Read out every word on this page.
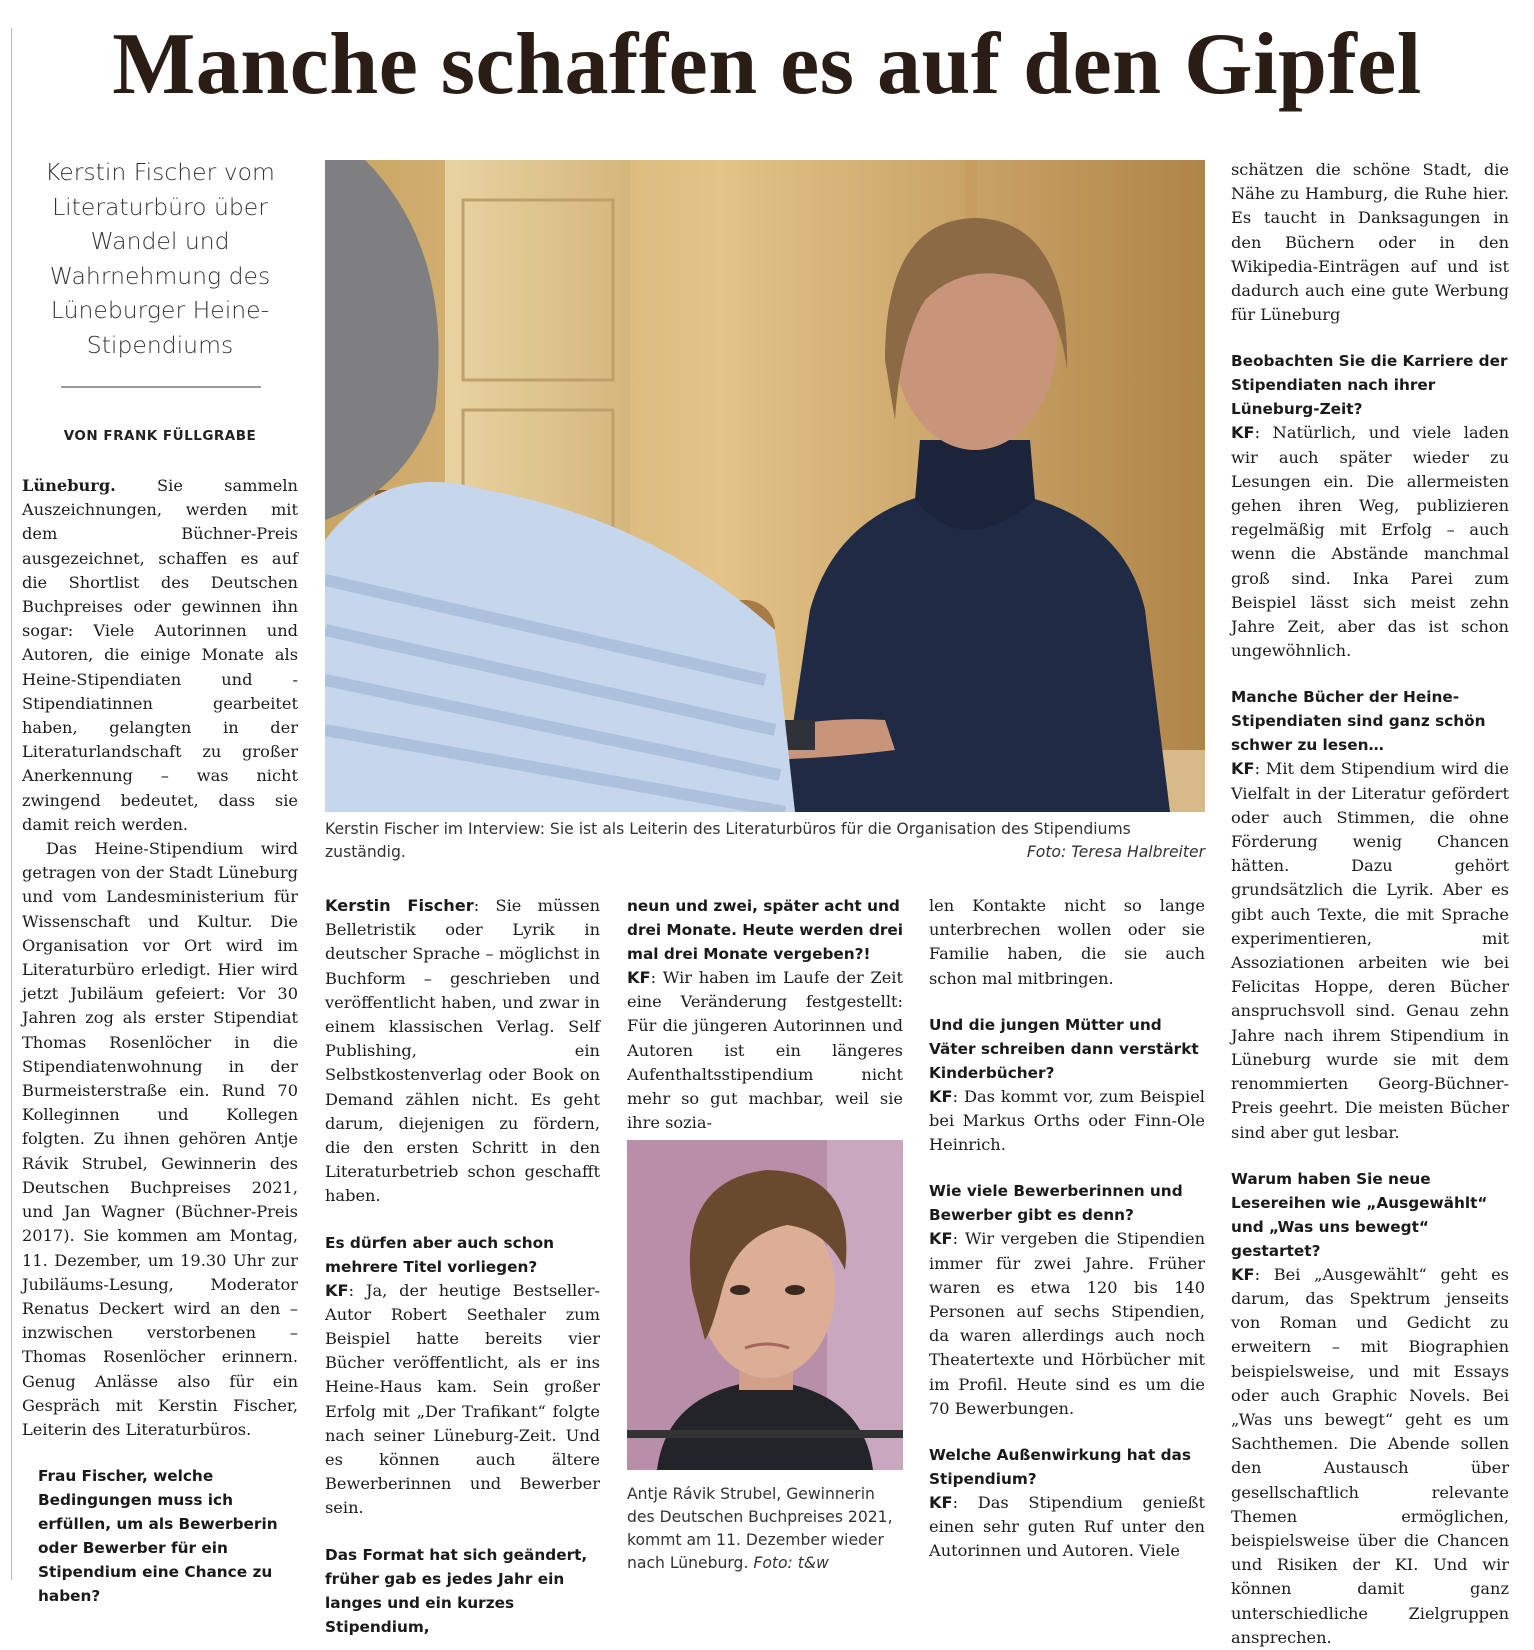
Manche schaffen es auf den Gipfel
Kerstin Fischer vom Literaturbüro über Wandel und Wahrnehmung des Lüneburger Heine-Stipendiums
VON FRANK FÜLLGRABE
Kerstin Fischer im Interview: Sie ist als Leiterin des Literaturbüros für die Organisation des Stipendiums zuständig.	Foto: Teresa Halbreiter

Lüneburg.	Sie sammeln Auszeichnungen, werden mit dem Büchner-Preis ausgezeichnet, schaffen es auf die Shortlist des Deutschen Buchpreises oder gewinnen ihn sogar: Viele Autorinnen und Autoren, die einige Monate als Heine-Stipendiaten und -Stipendiatinnen gearbeitet haben, gelangten in der Literaturlandschaft zu großer Anerkennung – was nicht zwingend bedeutet, dass sie damit reich werden.

Das Heine-Stipendium wird getragen von der Stadt Lüneburg und vom Landesministerium für Wissenschaft und Kultur. Die Organisation vor Ort wird im Literaturbüro erledigt. Hier wird jetzt Jubiläum gefeiert: Vor 30 Jahren zog als erster Stipendiat Thomas Rosenlöcher in die Stipendiatenwohnung in der Burmeisterstraße ein. Rund 70 Kolleginnen und Kollegen folgten. Zu ihnen gehören Antje Rávik Strubel, Gewinnerin des Deutschen Buchpreises 2021, und Jan Wagner (Büchner-Preis 2017). Sie kommen am Montag, 11. Dezember, um 19.30 Uhr zur Jubiläums-Lesung, Moderator Renatus Deckert wird an den – inzwischen verstorbenen – Thomas Rosenlöcher erinnern. Genug Anlässe also für ein Gespräch mit Kerstin Fischer, Leiterin des Literaturbüros.

Frau Fischer, welche Bedingungen muss ich erfüllen, um als Bewerberin oder Bewerber für ein Stipendium eine Chance zu haben?

Kerstin Fischer: Sie müssen Belletristik oder Lyrik in deutscher Sprache – möglichst in Buchform – geschrieben und veröffentlicht haben, und zwar in einem klassischen Verlag. Self Publishing, ein Selbstkostenverlag oder Book on Demand zählen nicht. Es geht darum, diejenigen zu fördern, die den ersten Schritt in den Literaturbetrieb schon geschafft haben.

Es dürfen aber auch schon mehrere Titel vorliegen?

KF: Ja, der heutige Bestseller-Autor Robert Seethaler zum Beispiel hatte bereits vier Bücher veröffentlicht, als er ins Heine-Haus kam. Sein großer Erfolg mit „Der Trafikant“ folgte nach seiner Lüneburg-Zeit. Und es können auch ältere Bewerberinnen und Bewerber sein.

Das Format hat sich geändert, früher gab es jedes Jahr ein langes und ein kurzes Stipendium,

neun und zwei, später acht und drei Monate. Heute werden drei mal drei Monate vergeben?!

KF: Wir haben im Laufe der Zeit eine Veränderung festgestellt: Für die jüngeren Autorinnen und Autoren ist ein längeres Aufenthaltsstipendium nicht mehr so gut machbar, weil sie ihre sozia-

Antje Rávik Strubel, Gewinnerin des Deutschen Buchpreises 2021, kommt am 11. Dezember wieder nach Lüneburg. Foto: t&w

len Kontakte nicht so lange unterbrechen wollen oder sie Familie haben, die sie auch schon mal mitbringen.

Und die jungen Mütter und Väter schreiben dann verstärkt Kinderbücher?

KF: Das kommt vor, zum Beispiel bei Markus Orths oder Finn-Ole Heinrich.

Wie viele Bewerberinnen und Bewerber gibt es denn?

KF: Wir vergeben die Stipendien immer für zwei Jahre. Früher waren es etwa 120 bis 140 Personen auf sechs Stipendien, da waren allerdings auch noch Theatertexte und Hörbücher mit im Profil. Heute sind es um die 70 Bewerbungen.

Welche Außenwirkung hat das Stipendium?

KF: Das Stipendium genießt einen sehr guten Ruf unter den Autorinnen und Autoren. Viele

schätzen die schöne Stadt, die Nähe zu Hamburg, die Ruhe hier. Es taucht in Danksagungen in den Büchern oder in den Wikipedia-Einträgen auf und ist dadurch auch eine gute Werbung für Lüneburg

Beobachten Sie die Karriere der Stipendiaten nach ihrer Lüneburg-Zeit?

KF: Natürlich, und viele laden wir auch später wieder zu Lesungen ein. Die allermeisten gehen ihren Weg, publizieren regelmäßig mit Erfolg – auch wenn die Abstände manchmal groß sind. Inka Parei zum Beispiel lässt sich meist zehn Jahre Zeit, aber das ist schon ungewöhnlich.

Manche Bücher der Heine-Stipendiaten sind ganz schön schwer zu lesen…

KF: Mit dem Stipendium wird die Vielfalt in der Literatur gefördert oder auch Stimmen, die ohne Förderung wenig Chancen hätten. Dazu gehört grundsätzlich die Lyrik. Aber es gibt auch Texte, die mit Sprache experimentieren, mit Assoziationen arbeiten wie bei Felicitas Hoppe, deren Bücher anspruchsvoll sind. Genau zehn Jahre nach ihrem Stipendium in Lüneburg wurde sie mit dem renommierten Georg-Büchner-Preis geehrt. Die meisten Bücher sind aber gut lesbar.

Warum haben Sie neue Lesereihen wie „Ausgewählt“ und „Was uns bewegt“ gestartet?

KF: Bei „Ausgewählt“ geht es darum, das Spektrum jenseits von Roman und Gedicht zu erweitern – mit Biographien beispielsweise, und mit Essays oder auch Graphic Novels. Bei „Was uns bewegt“ geht es um Sachthemen. Die Abende sollen den Austausch über gesellschaftlich relevante Themen ermöglichen, beispielsweise über die Chancen und Risiken der KI. Und wir können damit ganz unterschiedliche Zielgruppen ansprechen.
